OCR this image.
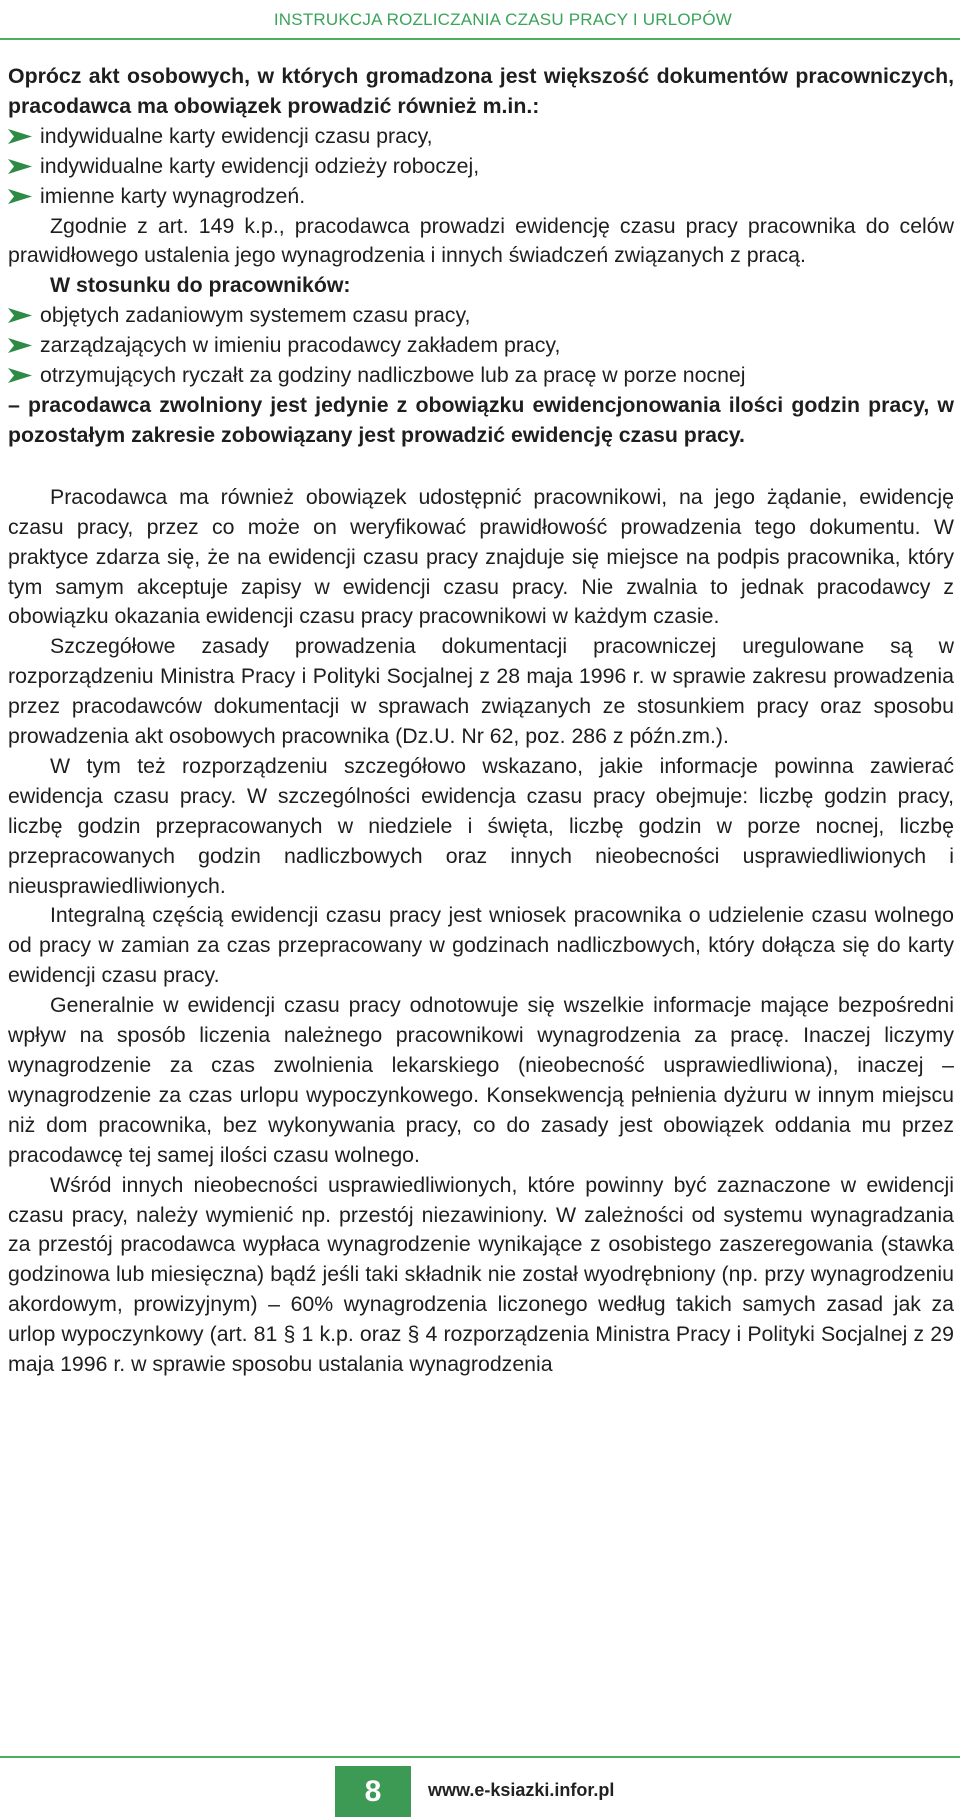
INSTRUKCJA ROZLICZANIA CZASU PRACY I URLOPÓW

Oprócz akt osobowych, w których gromadzona jest większość dokumentów pracowniczych, pracodawca ma obowiązek prowadzić również m.in.:

indywidualne karty ewidencji czasu pracy,
indywidualne karty ewidencji odzieży roboczej,
imienne karty wynagrodzeń.

Zgodnie z art. 149 k.p., pracodawca prowadzi ewidencję czasu pracy pracownika do celów prawidłowego ustalenia jego wynagrodzenia i innych świadczeń związanych z pracą.

W stosunku do pracowników:

objętych zadaniowym systemem czasu pracy,
zarządzających w imieniu pracodawcy zakładem pracy,
otrzymujących ryczałt za godziny nadliczbowe lub za pracę w porze nocnej

– pracodawca zwolniony jest jedynie z obowiązku ewidencjonowania ilości godzin pracy, w pozostałym zakresie zobowiązany jest prowadzić ewidencję czasu pracy.

Pracodawca ma również obowiązek udostępnić pracownikowi, na jego żądanie, ewidencję czasu pracy, przez co może on weryfikować prawidłowość prowadzenia tego dokumentu. W praktyce zdarza się, że na ewidencji czasu pracy znajduje się miejsce na podpis pracownika, który tym samym akceptuje zapisy w ewidencji czasu pracy. Nie zwalnia to jednak pracodawcy z obowiązku okazania ewidencji czasu pracy pracownikowi w każdym czasie.

Szczegółowe zasady prowadzenia dokumentacji pracowniczej uregulowane są w rozporządzeniu Ministra Pracy i Polityki Socjalnej z 28 maja 1996 r. w sprawie zakresu prowadzenia przez pracodawców dokumentacji w sprawach związanych ze stosunkiem pracy oraz sposobu prowadzenia akt osobowych pracownika (Dz.U. Nr 62, poz. 286 z późn.zm.).

W tym też rozporządzeniu szczegółowo wskazano, jakie informacje powinna zawierać ewidencja czasu pracy. W szczególności ewidencja czasu pracy obejmuje: liczbę godzin pracy, liczbę godzin przepracowanych w niedziele i święta, liczbę godzin w porze nocnej, liczbę przepracowanych godzin nadliczbowych oraz innych nieobecności usprawiedliwionych i nieusprawiedliwionych.

Integralną częścią ewidencji czasu pracy jest wniosek pracownika o udzielenie czasu wolnego od pracy w zamian za czas przepracowany w godzinach nadliczbowych, który dołącza się do karty ewidencji czasu pracy.

Generalnie w ewidencji czasu pracy odnotowuje się wszelkie informacje mające bezpośredni wpływ na sposób liczenia należnego pracownikowi wynagrodzenia za pracę. Inaczej liczymy wynagrodzenie za czas zwolnienia lekarskiego (nieobecność usprawiedliwiona), inaczej – wynagrodzenie za czas urlopu wypoczynkowego. Konsekwencją pełnienia dyżuru w innym miejscu niż dom pracownika, bez wykonywania pracy, co do zasady jest obowiązek oddania mu przez pracodawcę tej samej ilości czasu wolnego.

Wśród innych nieobecności usprawiedliwionych, które powinny być zaznaczone w ewidencji czasu pracy, należy wymienić np. przestój niezawiniony. W zależności od systemu wynagradzania za przestój pracodawca wypłaca wynagrodzenie wynikające z osobistego zaszeregowania (stawka godzinowa lub miesięczna) bądź jeśli taki składnik nie został wyodrębniony (np. przy wynagrodzeniu akordowym, prowizyjnym) – 60% wynagrodzenia liczonego według takich samych zasad jak za urlop wypoczynkowy (art. 81 § 1 k.p. oraz § 4 rozporządzenia Ministra Pracy i Polityki Socjalnej z 29 maja 1996 r. w sprawie sposobu ustalania wynagrodzenia

8	www.e-ksiazki.infor.pl
